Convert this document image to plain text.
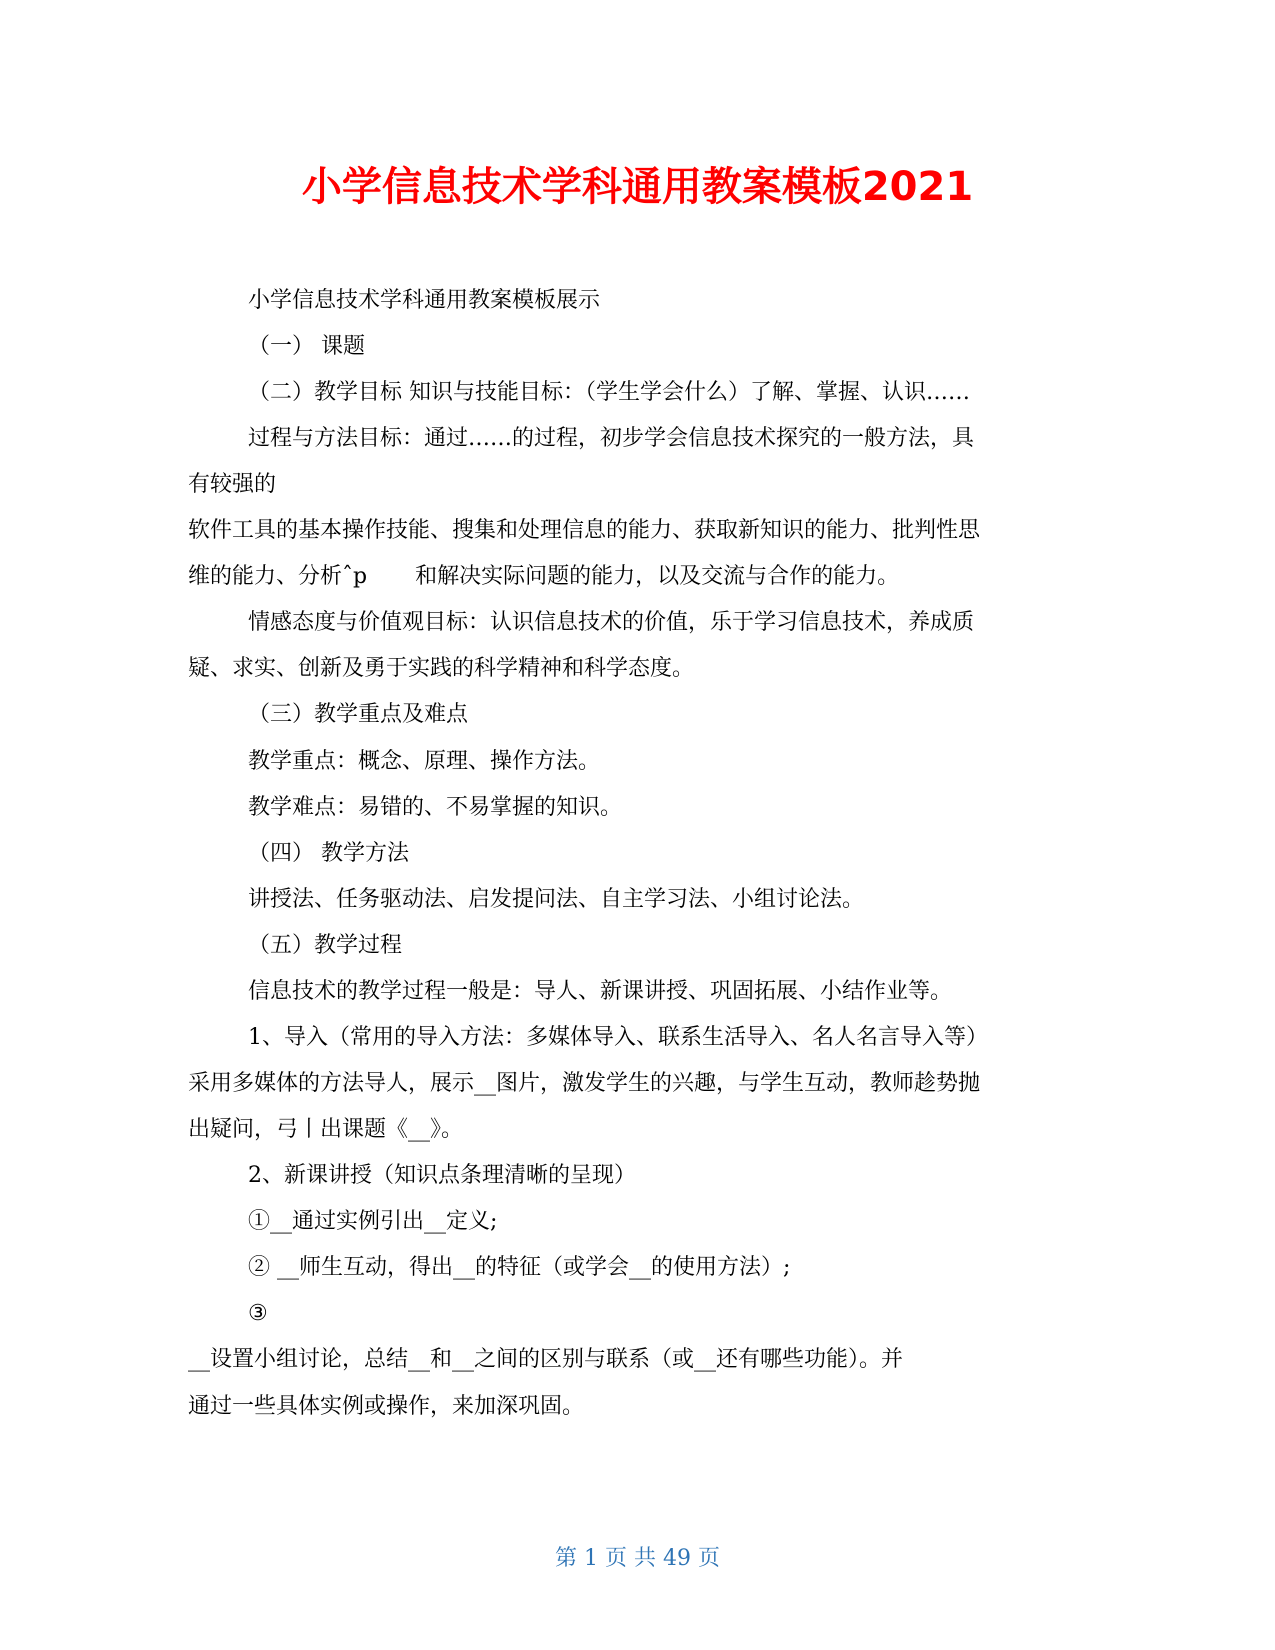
小学信息技术学科通用教案模板2021
小学信息技术学科通用教案模板展示
（一） 课题
（二）教学目标 知识与技能目标：（学生学会什么）了解、掌握、认识……
过程与方法目标：通过……的过程，初步学会信息技术探究的一般方法，具
有较强的
软件工具的基本操作技能、搜集和处理信息的能力、获取新知识的能力、批判性思
维的能力、分析ˆp 和解决实际问题的能力，以及交流与合作的能力。
情感态度与价值观目标：认识信息技术的价值，乐于学习信息技术，养成质
疑、求实、创新及勇于实践的科学精神和科学态度。
（三）教学重点及难点
教学重点：概念、原理、操作方法。
教学难点：易错的、不易掌握的知识。
（四） 教学方法
讲授法、任务驱动法、启发提问法、自主学习法、小组讨论法。
（五）教学过程
信息技术的教学过程一般是：导人、新课讲授、巩固拓展、小结作业等。
1、导入（常用的导入方法：多媒体导入、联系生活导入、名人名言导入等）
采用多媒体的方法导人，展示__图片，激发学生的兴趣，与学生互动，教师趁势抛
出疑问，弓丨出课题《__》。
2、新课讲授（知识点条理清晰的呈现）
①__通过实例引出__定义;
② __师生互动，得出__的特征（或学会__的使用方法）;
③
__设置小组讨论，总结__和__之间的区别与联系（或__还有哪些功能）。并
通过一些具体实例或操作，来加深巩固。
第 1 页 共 49 页
